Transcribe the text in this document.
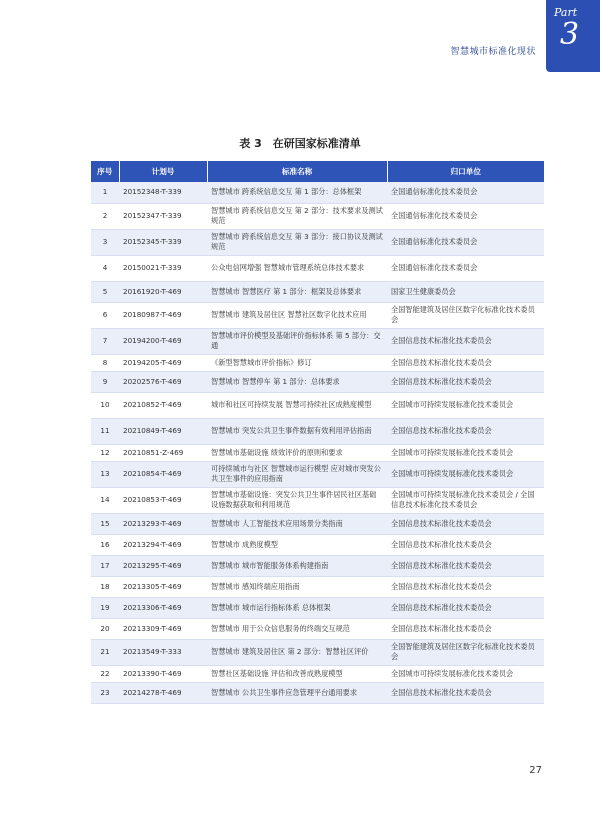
智慧城市标准化现状
Part
3
表 3　在研国家标准清单
序号	计划号	标准名称	归口单位
1	20152348-T-339	智慧城市 跨系统信息交互 第 1 部分：总体框架	全国通信标准化技术委员会
2	20152347-T-339	智慧城市 跨系统信息交互 第 2 部分：技术要求及测试规范	全国通信标准化技术委员会
3	20152345-T-339	智慧城市 跨系统信息交互 第 3 部分：接口协议及测试规范	全国通信标准化技术委员会
4	20150021-T-339	公众电信网增强 智慧城市管理系统总体技术要求	全国通信标准化技术委员会
5	20161920-T-469	智慧城市 智慧医疗 第 1 部分：框架及总体要求	国家卫生健康委员会
6	20180987-T-469	智慧城市 建筑及居住区 智慧社区数字化技术应用	全国智能建筑及居住区数字化标准化技术委员会
7	20194200-T-469	智慧城市评价模型及基础评价指标体系 第 5 部分：交通	全国信息技术标准化技术委员会
8	20194205-T-469	《新型智慧城市评价指标》修订	全国信息技术标准化技术委员会
9	20202576-T-469	智慧城市 智慧停车 第 1 部分：总体要求	全国信息技术标准化技术委员会
10	20210852-T-469	城市和社区可持续发展 智慧可持续社区成熟度模型	全国城市可持续发展标准化技术委员会
11	20210849-T-469	智慧城市 突发公共卫生事件数据有效利用评估指南	全国信息技术标准化技术委员会
12	20210851-Z-469	智慧城市基础设施 绩效评价的原则和要求	全国城市可持续发展标准化技术委员会
13	20210854-T-469	可持续城市与社区 智慧城市运行模型 应对城市突发公共卫生事件的应用指南	全国城市可持续发展标准化技术委员会
14	20210853-T-469	智慧城市基础设施：突发公共卫生事件居民社区基础设施数据获取和利用规范	全国城市可持续发展标准化技术委员会 / 全国信息技术标准化技术委员会
15	20213293-T-469	智慧城市 人工智能技术应用场景分类指南	全国信息技术标准化技术委员会
16	20213294-T-469	智慧城市 成熟度模型	全国信息技术标准化技术委员会
17	20213295-T-469	智慧城市 城市智能服务体系构建指南	全国信息技术标准化技术委员会
18	20213305-T-469	智慧城市 感知终端应用指南	全国信息技术标准化技术委员会
19	20213306-T-469	智慧城市 城市运行指标体系 总体框架	全国信息技术标准化技术委员会
20	20213309-T-469	智慧城市 用于公众信息服务的终端交互规范	全国信息技术标准化技术委员会
21	20213549-T-333	智慧城市 建筑及居住区 第 2 部分：智慧社区评价	全国智能建筑及居住区数字化标准化技术委员会
22	20213390-T-469	智慧社区基础设施 评估和改善成熟度模型	全国城市可持续发展标准化技术委员会
23	20214278-T-469	智慧城市 公共卫生事件应急管理平台通用要求	全国信息技术标准化技术委员会
27
